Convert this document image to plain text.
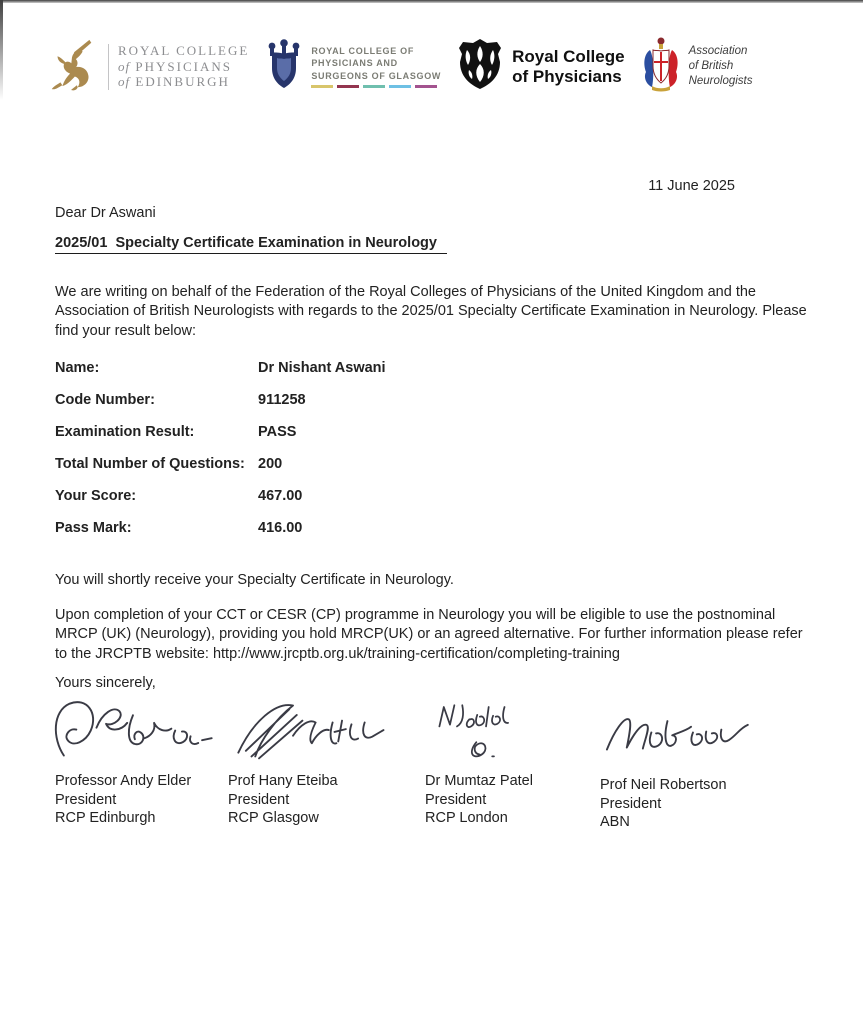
ROYAL COLLEGE
of PHYSICIANS
of EDINBURGH
ROYAL COLLEGE OF
PHYSICIANS AND
SURGEONS OF GLASGOW
Royal College
of Physicians
Association
of British
Neurologists
11 June 2025
Dear Dr Aswani
2025/01  Specialty Certificate Examination in Neurology

We are writing on behalf of the Federation of the Royal Colleges of Physicians of the United Kingdom and the Association of British Neurologists with regards to the 2025/01 Specialty Certificate Examination in Neurology. Please find your result below:

Name:	Dr Nishant Aswani
Code Number:	911258
Examination Result:	PASS
Total Number of Questions: 200
Your Score:	467.00
Pass Mark:	416.00

You will shortly receive your Specialty Certificate in Neurology.

Upon completion of your CCT or CESR (CP) programme in Neurology you will be eligible to use the postnominal MRCP (UK) (Neurology), providing you hold MRCP(UK) or an agreed alternative. For further information please refer to the JRCPTB website: http://www.jrcptb.org.uk/training-certification/completing-training

Yours sincerely,

Professor Andy Elder
President
RCP Edinburgh
Prof Hany Eteiba
President
RCP Glasgow
Dr Mumtaz Patel
President
RCP London
Prof Neil Robertson
President
ABN
